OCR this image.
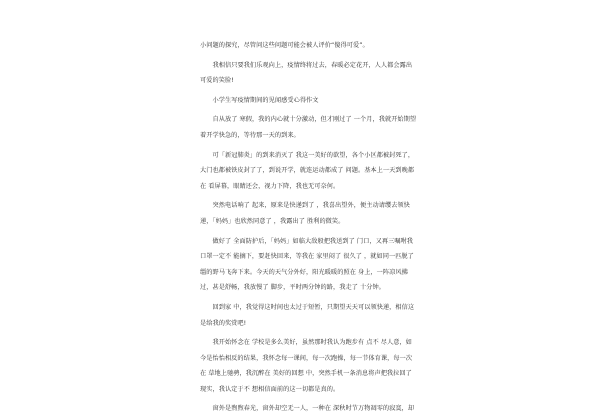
小问题的探究，尽管问这些问题可能会被人评价“傻得可爱”。

我相信只要我们乐观向上，疫情终将过去，春暖必定花开，人人都会露出可爱的笑脸!

小学生写疫情期间的见闻感受心得作文

自从放了 寒假，我的内心就十分激动，但才刚过了 一个月，我就开始期望着开学快急的，等待那一天的到来。

可「新冠肺炎」的到来消灭了 我这一美好的欲望，各个小区都被封死了，大门也都被铁皮封了了，到说开学，就连运动都成了 问题。基本上一天到晚都在 看屏幕，眼睛还会，视力下降，我也无可奈何。

突然电话响了 起来，原来是快递到了 ，我喜出望外，便主动请缨去领快递，「妈妈」也欣然同意了 ，我露出了 胜利的微笑。

做好了 全面防护后，「妈妈」如临大敌般把我送到了 门口，又再三嘱咐我口罩一定不 能摘下，要赶快回来，等我在 家里闷了 很久了 ，就如同一匹脱了缰的野马飞奔下来。今天的天气分外好，阳光暖暖的照在 身上，一阵凉风拂过，甚是舒畅，我放慢了 脚步，平时两分钟的路，我走了 十分钟。

回到家 中，我觉得这时间也太过于短暂，只期望天天可以领快递，相信这是给我的奖赏吧!

我开始怀念在 学校是多么美好，虽然那时我认为跑步有 点不 尽人意，如今是怡怡相反的结果，我怀念每一课间，每一次跑操，每一节体育课，每一次在 草地上驰骋，我沉醉在 美好的回想 中，突然手机一条消息将声把我拉回了现实，我认定于不 想相信面前的这一切都是真的。

窗外是煦煦春光，窗外却空无一人，一种在 深秋时节万物凋零的寂寞，却
